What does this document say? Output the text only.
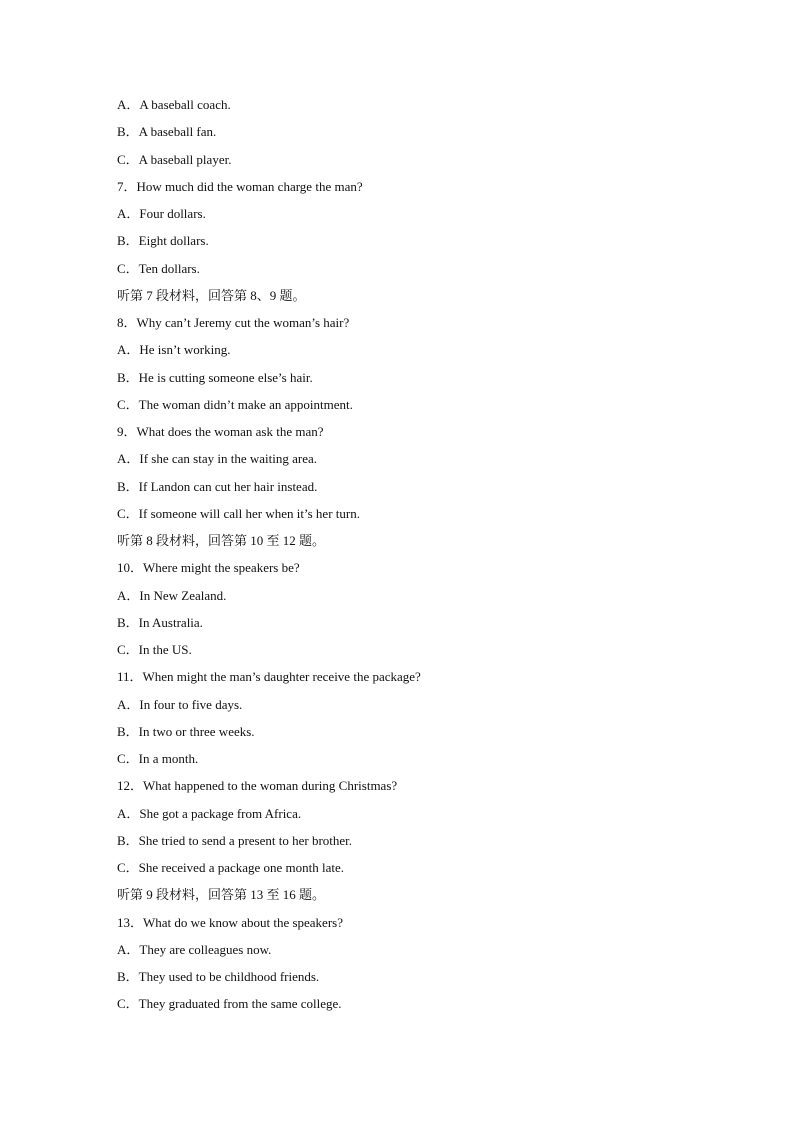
A．A baseball coach.
B．A baseball fan.
C．A baseball player.
7．How much did the woman charge the man?
A．Four dollars.
B．Eight dollars.
C．Ten dollars.
听第 7 段材料，回答第 8、9 题。
8．Why can’t Jeremy cut the woman’s hair?
A．He isn’t working.
B．He is cutting someone else’s hair.
C．The woman didn’t make an appointment.
9．What does the woman ask the man?
A．If she can stay in the waiting area.
B．If Landon can cut her hair instead.
C．If someone will call her when it’s her turn.
听第 8 段材料，回答第 10 至 12 题。
10．Where might the speakers be?
A．In New Zealand.
B．In Australia.
C．In the US.
11．When might the man’s daughter receive the package?
A．In four to five days.
B．In two or three weeks.
C．In a month.
12．What happened to the woman during Christmas?
A．She got a package from Africa.
B．She tried to send a present to her brother.
C．She received a package one month late.
听第 9 段材料，回答第 13 至 16 题。
13．What do we know about the speakers?
A．They are colleagues now.
B．They used to be childhood friends.
C．They graduated from the same college.
